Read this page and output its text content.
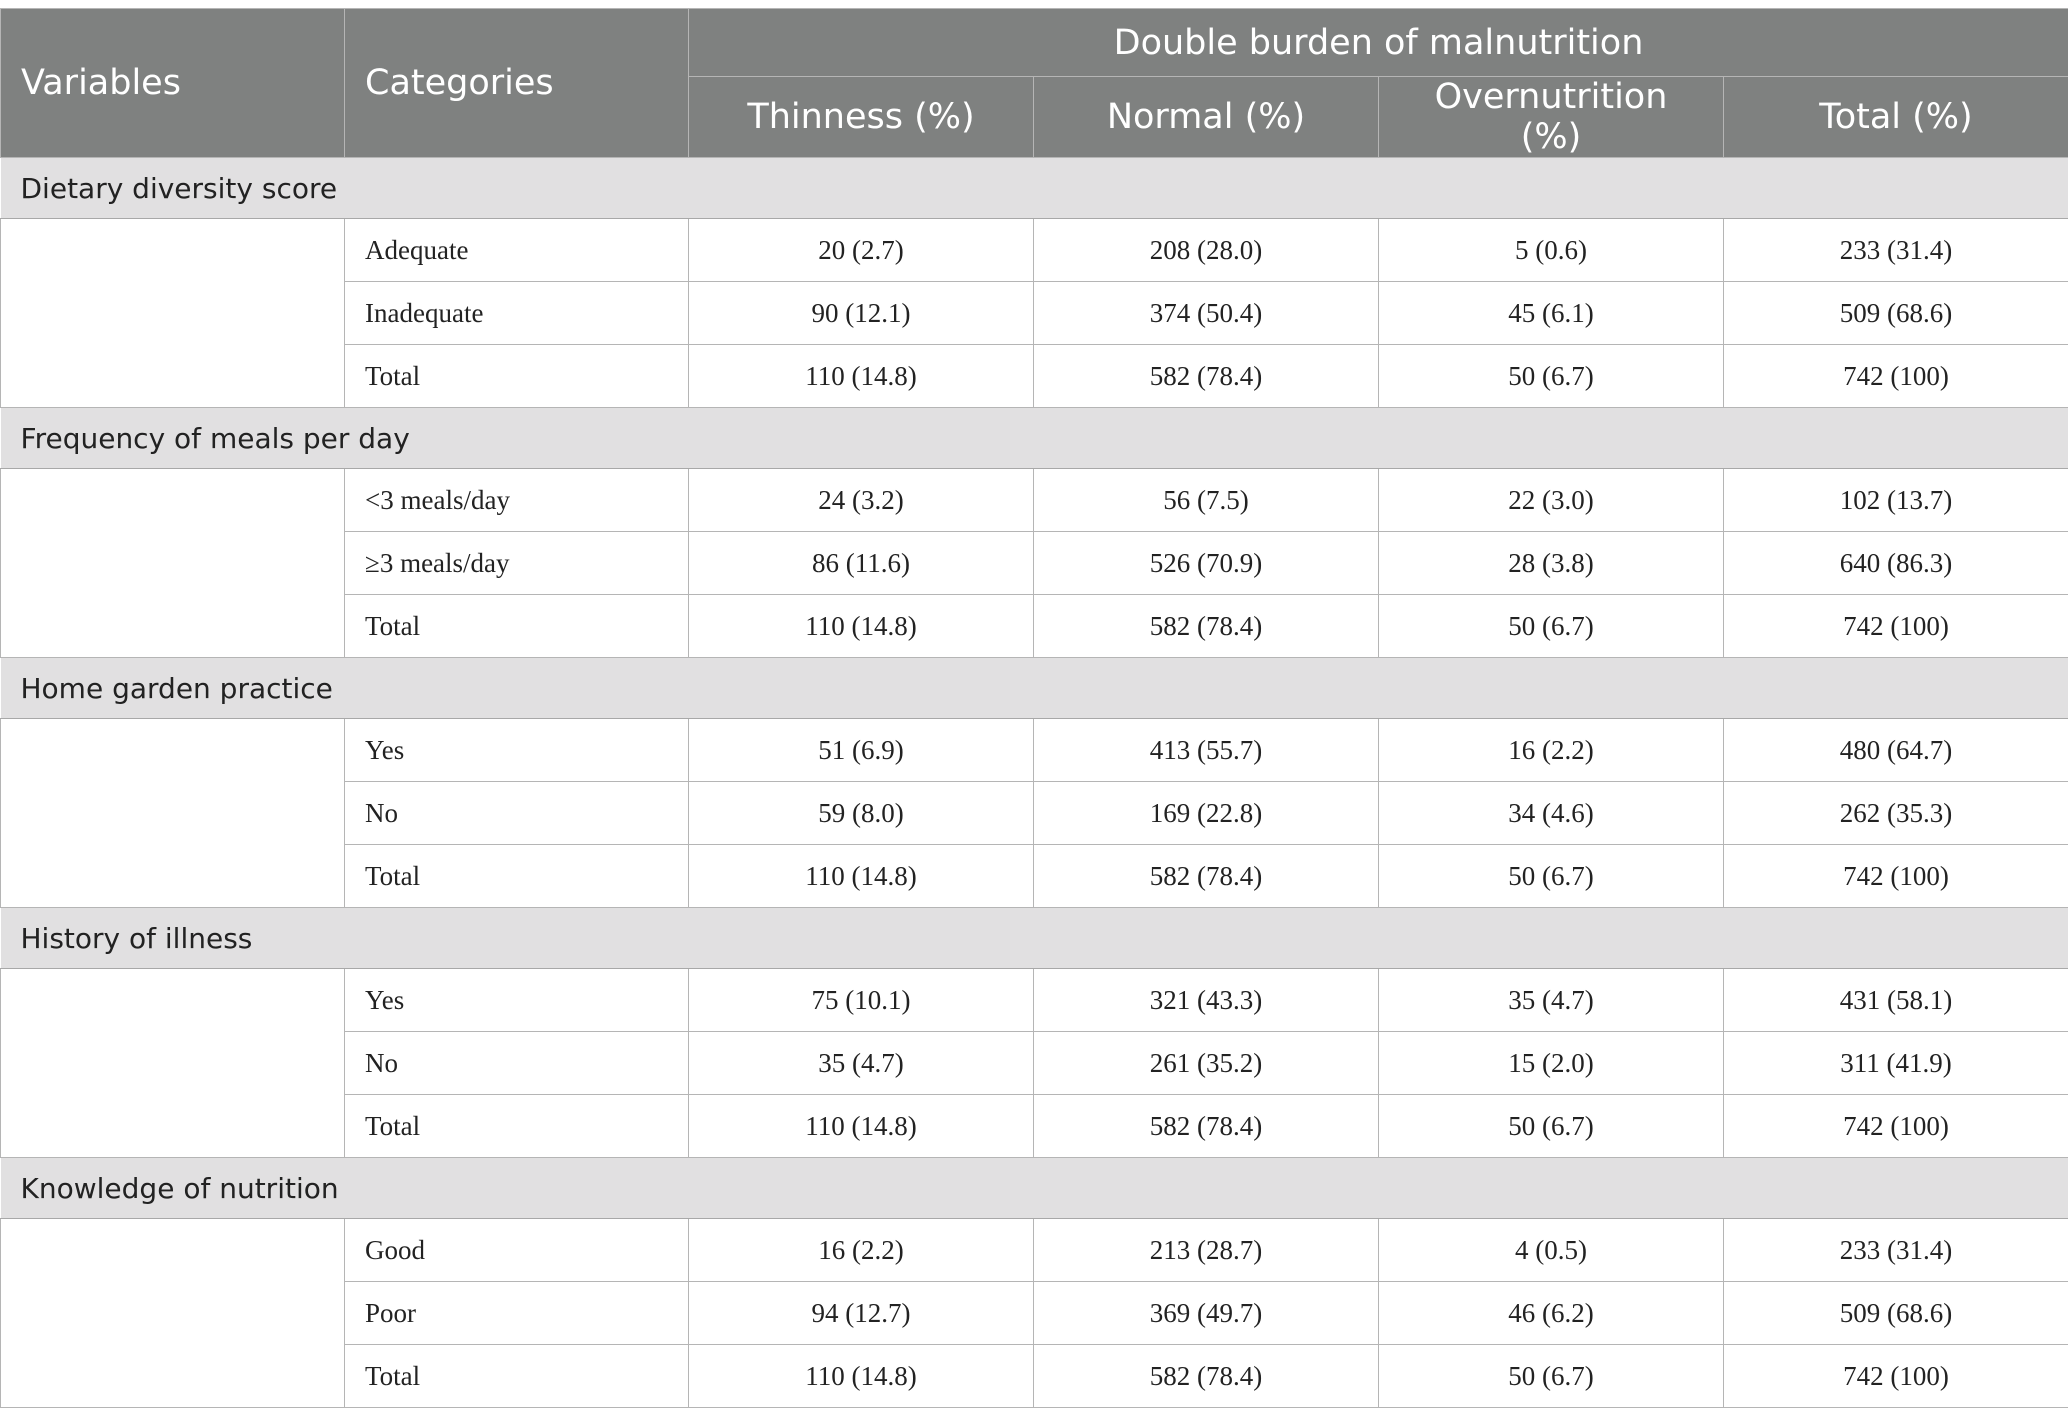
Variables	Categories	Double burden of malnutrition			
		Thinness (%)	Normal (%)	Overnutrition (%)	Total (%)
Dietary diversity score					
	Adequate	20 (2.7)	208 (28.0)	5 (0.6)	233 (31.4)
	Inadequate	90 (12.1)	374 (50.4)	45 (6.1)	509 (68.6)
	Total	110 (14.8)	582 (78.4)	50 (6.7)	742 (100)
Frequency of meals per day					
	<3 meals/day	24 (3.2)	56 (7.5)	22 (3.0)	102 (13.7)
	≥3 meals/day	86 (11.6)	526 (70.9)	28 (3.8)	640 (86.3)
	Total	110 (14.8)	582 (78.4)	50 (6.7)	742 (100)
Home garden practice					
	Yes	51 (6.9)	413 (55.7)	16 (2.2)	480 (64.7)
	No	59 (8.0)	169 (22.8)	34 (4.6)	262 (35.3)
	Total	110 (14.8)	582 (78.4)	50 (6.7)	742 (100)
History of illness					
	Yes	75 (10.1)	321 (43.3)	35 (4.7)	431 (58.1)
	No	35 (4.7)	261 (35.2)	15 (2.0)	311 (41.9)
	Total	110 (14.8)	582 (78.4)	50 (6.7)	742 (100)
Knowledge of nutrition					
	Good	16 (2.2)	213 (28.7)	4 (0.5)	233 (31.4)
	Poor	94 (12.7)	369 (49.7)	46 (6.2)	509 (68.6)
	Total	110 (14.8)	582 (78.4)	50 (6.7)	742 (100)
